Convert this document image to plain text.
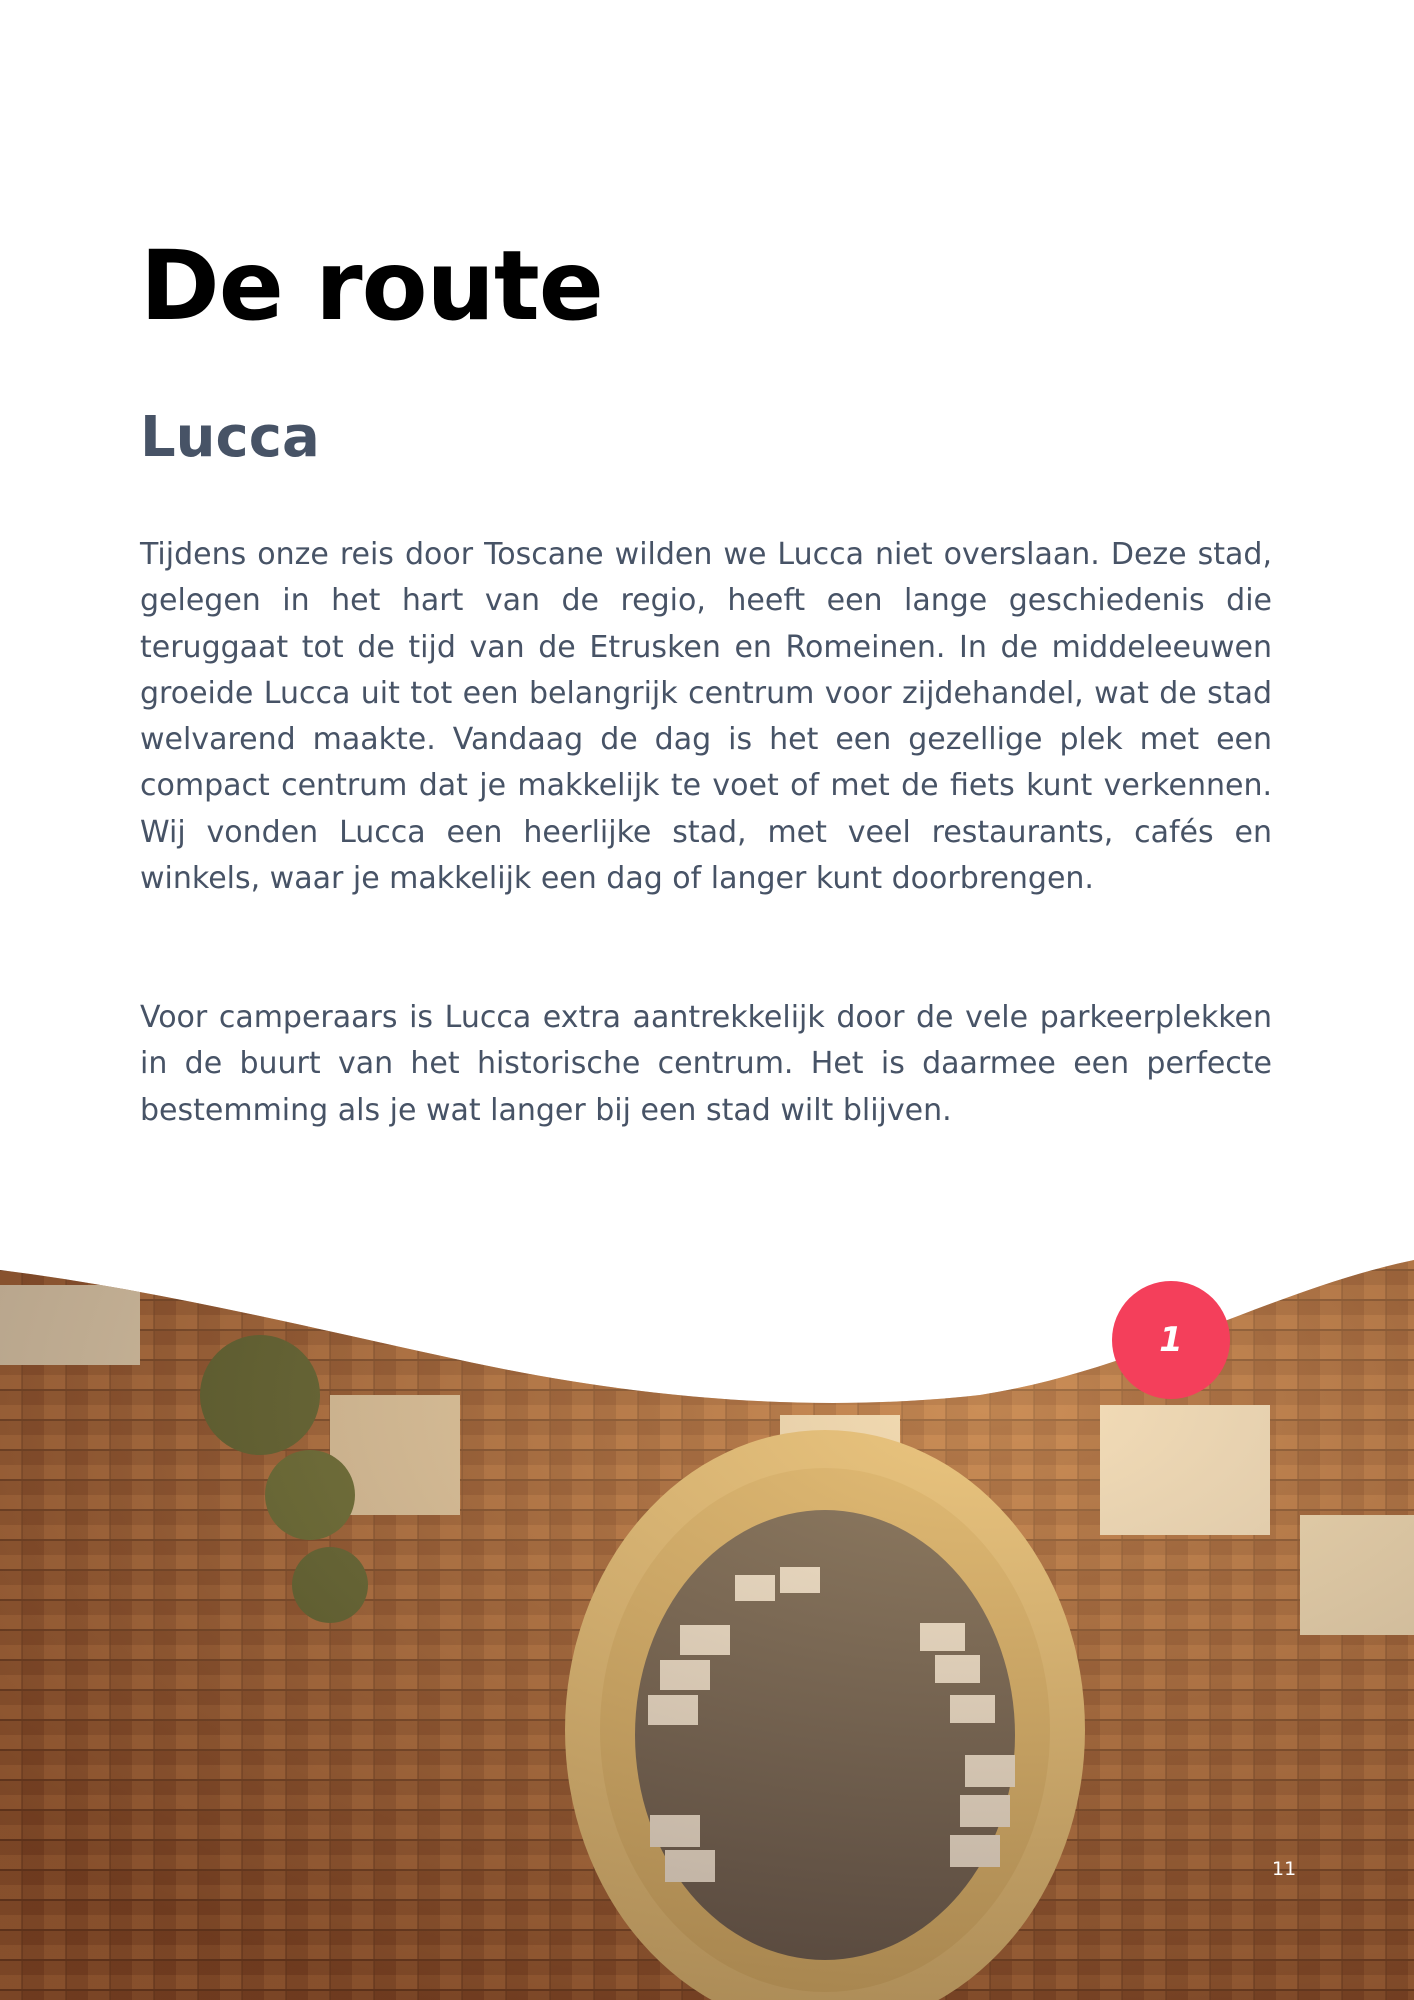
De route
Lucca

Tijdens onze reis door Toscane wilden we Lucca niet overslaan. Deze stad, gelegen in het hart van de regio, heeft een lange geschiedenis die teruggaat tot de tijd van de Etrusken en Romeinen. In de middeleeuwen groeide Lucca uit tot een belangrijk centrum voor zijdehandel, wat de stad welvarend maakte. Vandaag de dag is het een gezellige plek met een compact centrum dat je makkelijk te voet of met de fiets kunt verkennen. Wij vonden Lucca een heerlijke stad, met veel restaurants, cafés en winkels, waar je makkelijk een dag of langer kunt doorbrengen.

Voor camperaars is Lucca extra aantrekkelijk door de vele parkeerplekken in de buurt van het historische centrum. Het is daarmee een perfecte bestemming als je wat langer bij een stad wilt blijven.

1
11
